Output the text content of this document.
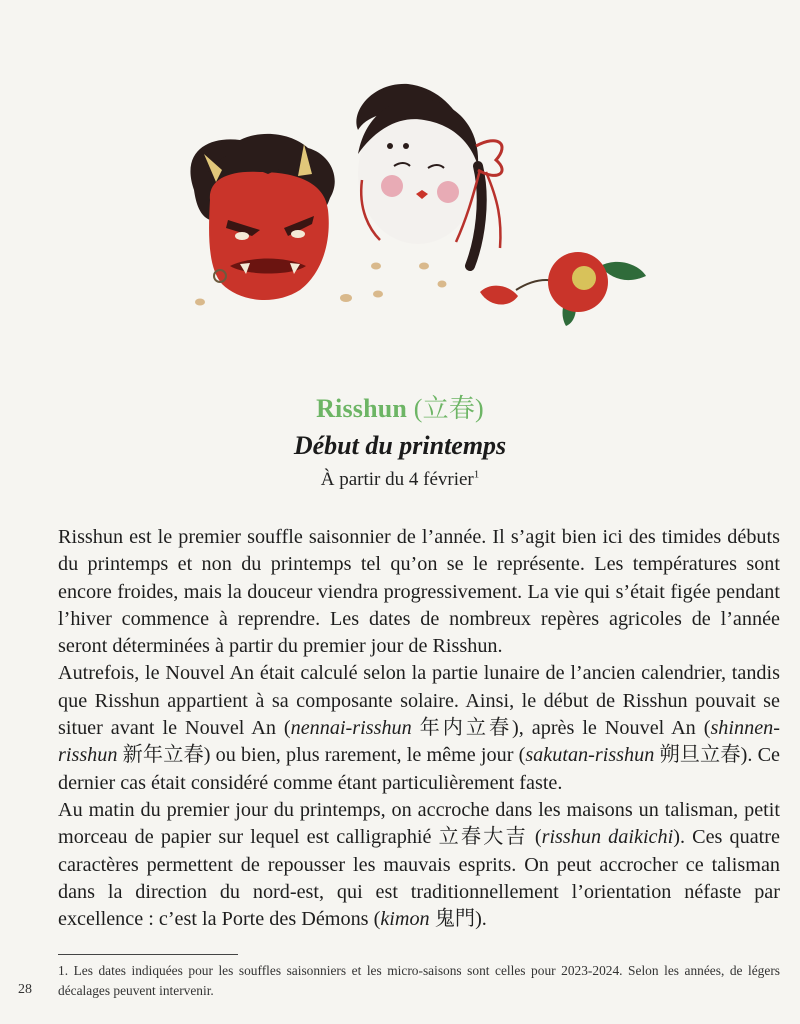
Risshun (立春)
Début du printemps
À partir du 4 février$^1$

Risshun est le premier souffle saisonnier de l’année. Il s’agit bien ici des timides débuts du printemps et non du printemps tel qu’on se le représente. Les températures sont encore froides, mais la douceur viendra progressivement. La vie qui s’était figée pendant l’hiver commence à reprendre. Les dates de nombreux repères agricoles de l’année seront déterminées à partir du premier jour de Risshun.

Autrefois, le Nouvel An était calculé selon la partie lunaire de l’ancien calendrier, tandis que Risshun appartient à sa composante solaire. Ainsi, le début de Risshun pouvait se situer avant le Nouvel An (nennai-risshun 年内立春), après le Nouvel An (shinnen-risshun 新年立春) ou bien, plus rarement, le même jour (sakutan-risshun 朔旦立春). Ce dernier cas était considéré comme étant particulièrement faste.

Au matin du premier jour du printemps, on accroche dans les maisons un talisman, petit morceau de papier sur lequel est calligraphié 立春大吉 (risshun daikichi). Ces quatre caractères permettent de repousser les mauvais esprits. On peut accrocher ce talisman dans la direction du nord-est, qui est traditionnellement l’orientation néfaste par excellence : c’est la Porte des Démons (kimon 鬼門).

1. Les dates indiquées pour les souffles saisonniers et les micro-saisons sont celles pour 2023-2024. Selon les années, de légers décalages peuvent intervenir.
28
